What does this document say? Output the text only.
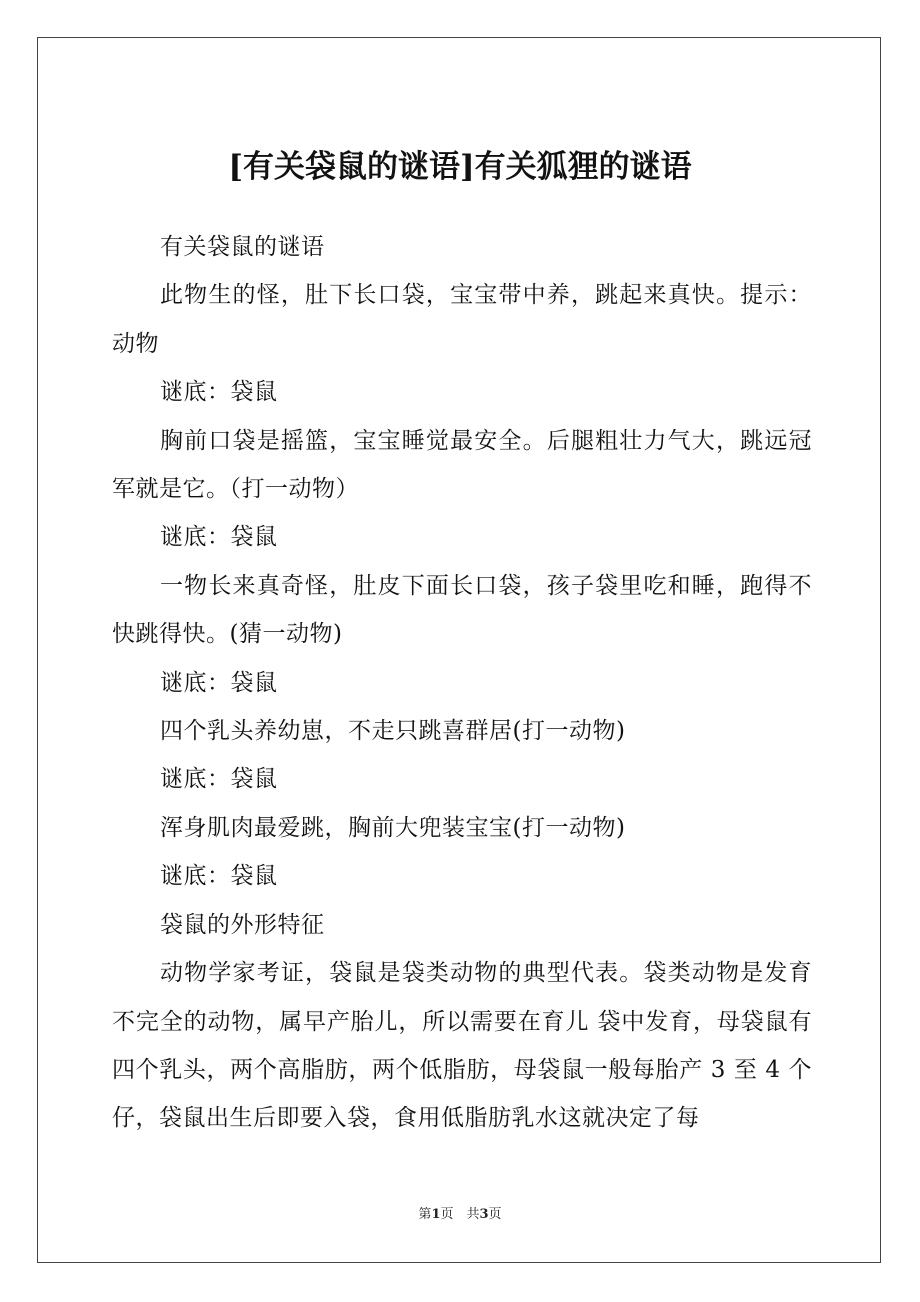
[有关袋鼠的谜语]有关狐狸的谜语

有关袋鼠的谜语

此物生的怪，肚下长口袋，宝宝带中养，跳起来真快。提示：动物

谜底：袋鼠

胸前口袋是摇篮，宝宝睡觉最安全。后腿粗壮力气大，跳远冠军就是它。（打一动物）

谜底：袋鼠

一物长来真奇怪，肚皮下面长口袋，孩子袋里吃和睡，跑得不快跳得快。(猜一动物)

谜底：袋鼠

四个乳头养幼崽，不走只跳喜群居(打一动物)

谜底：袋鼠

浑身肌肉最爱跳，胸前大兜装宝宝(打一动物)

谜底：袋鼠

袋鼠的外形特征

动物学家考证，袋鼠是袋类动物的典型代表。袋类动物是发育不完全的动物，属早产胎儿，所以需要在育儿 袋中发育，母袋鼠有四个乳头，两个高脂肪，两个低脂肪，母袋鼠一般每胎产 3 至 4 个仔，袋鼠出生后即要入袋，食用低脂肪乳水这就决定了每

第1页　共3页
